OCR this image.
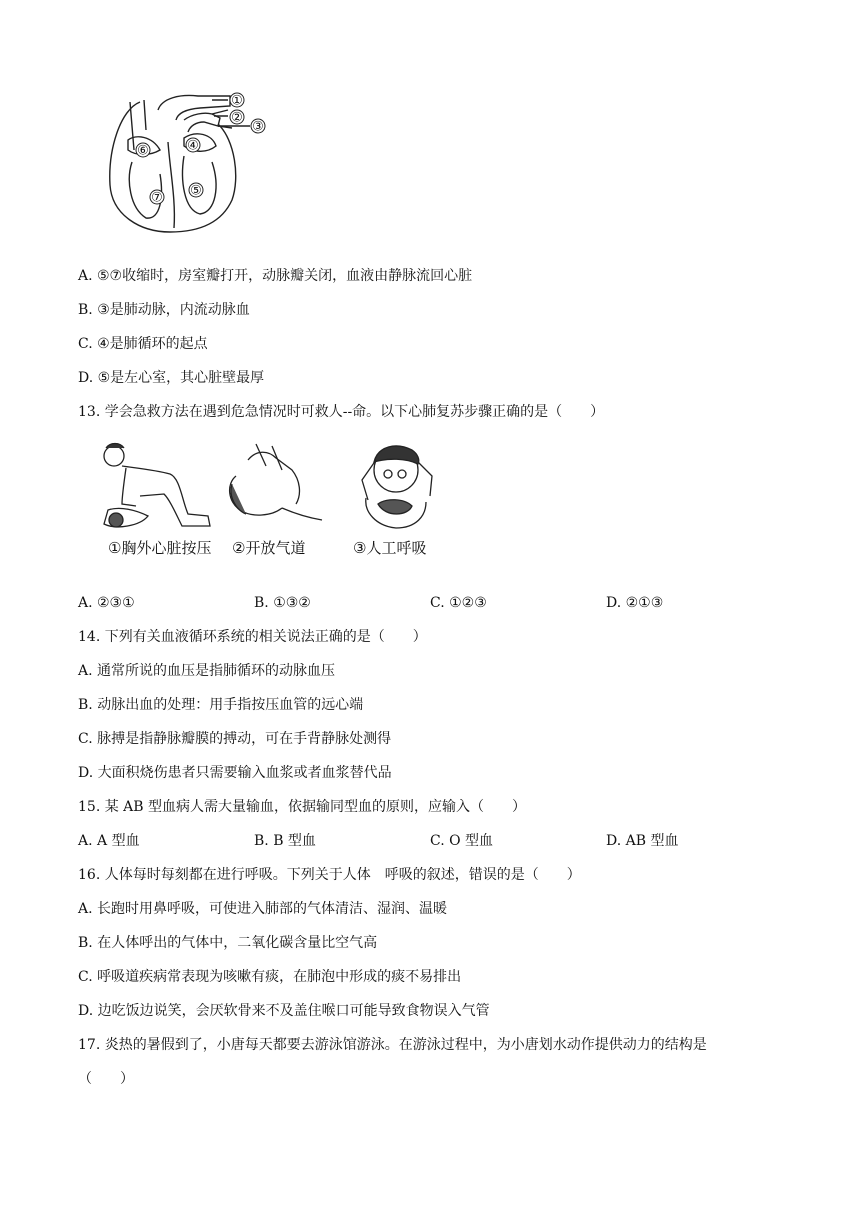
①
②
③
④
⑤
⑥
⑦
A. ⑤⑦收缩时，房室瓣打开，动脉瓣关闭，血液由静脉流回心脏
B. ③是肺动脉，内流动脉血
C. ④是肺循环的起点
D. ⑤是左心室，其心脏壁最厚
13. 学会急救方法在遇到危急情况时可救人--命。以下心肺复苏步骤正确的是（　　）
①胸外心脏按压 ②开放气道	③人工呼吸
A. ②③①	B. ①③②	C. ①②③	D. ②①③
14. 下列有关血液循环系统的相关说法正确的是（　　）
A. 通常所说的血压是指肺循环的动脉血压
B. 动脉出血的处理：用手指按压血管的远心端
C. 脉搏是指静脉瓣膜的搏动，可在手背静脉处测得
D. 大面积烧伤患者只需要输入血浆或者血浆替代品
15. 某 AB 型血病人需大量输血，依据输同型血的原则，应输入（　　）
A. A 型血	B. B 型血	C. O 型血	D. AB 型血
16. 人体每时每刻都在进行呼吸。下列关于人体　呼吸的叙述，错误的是（　　）
A. 长跑时用鼻呼吸，可使进入肺部的气体清洁、湿润、温暖
B. 在人体呼出的气体中，二氧化碳含量比空气高
C. 呼吸道疾病常表现为咳嗽有痰，在肺泡中形成的痰不易排出
D. 边吃饭边说笑，会厌软骨来不及盖住喉口可能导致食物误入气管
17. 炎热的暑假到了，小唐每天都要去游泳馆游泳。在游泳过程中，为小唐划水动作提供动力的结构是
（　　）
